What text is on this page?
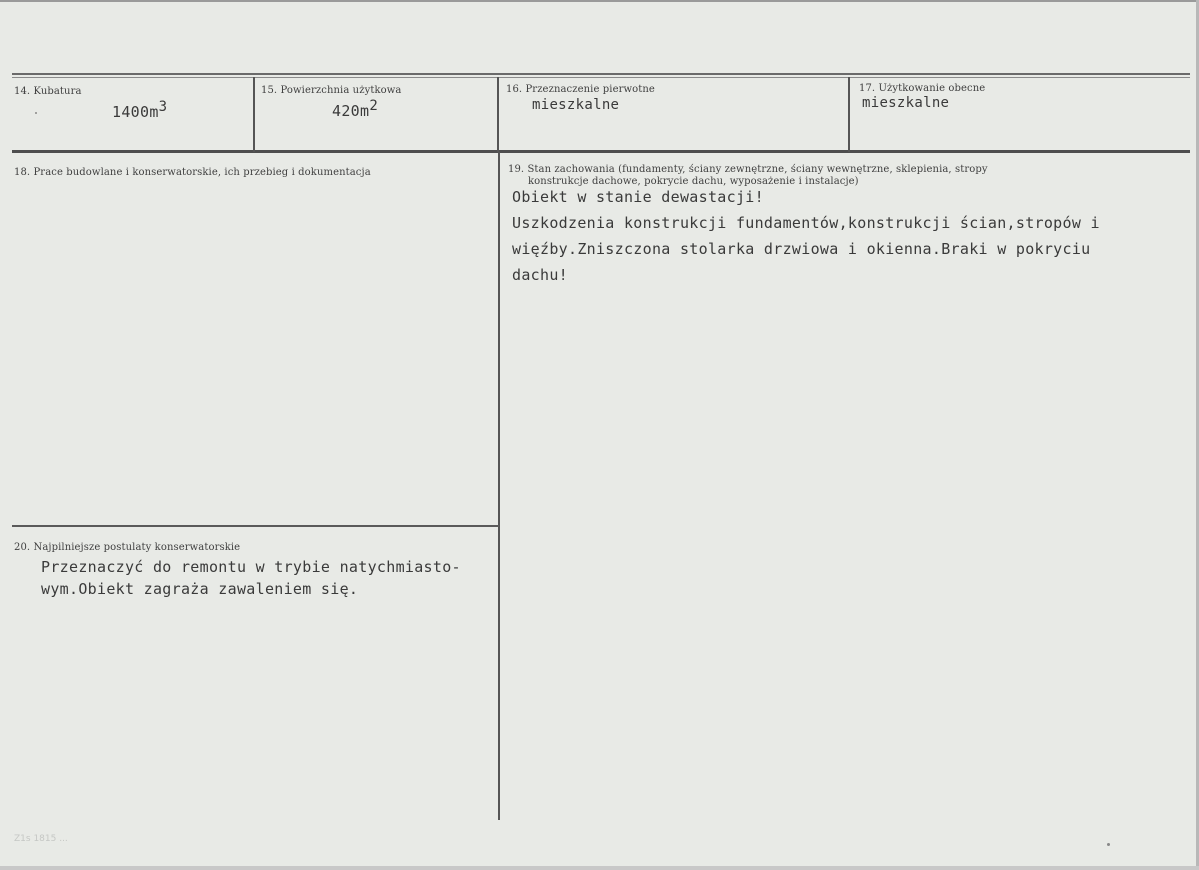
14. Kubatura
$1400m^3$
15. Powierzchnia użytkowa
$420m^2$
16. Przeznaczenie pierwotne
mieszkalne
17. Użytkowanie obecne
mieszkalne
18. Prace budowlane i konserwatorskie, ich przebieg i dokumentacja	19. Stan zachowania (fundamenty, ściany zewnętrzne, ściany wewnętrzne, sklepienia, stropy
konstrukcje dachowe, pokrycie dachu, wyposażenie i instalacje)
Obiekt w stanie dewastacji!
Uszkodzenia konstrukcji fundamentów,konstrukcji ścian,stropów i
więźby.Zniszczona stolarka drzwiowa i okienna.Braki w pokryciu
dachu!
20. Najpilniejsze postulaty konserwatorskie
Przeznaczyć do remontu w trybie natychmiasto-
wym.Obiekt zagraża zawaleniem się.
Z1s 1815 ...
